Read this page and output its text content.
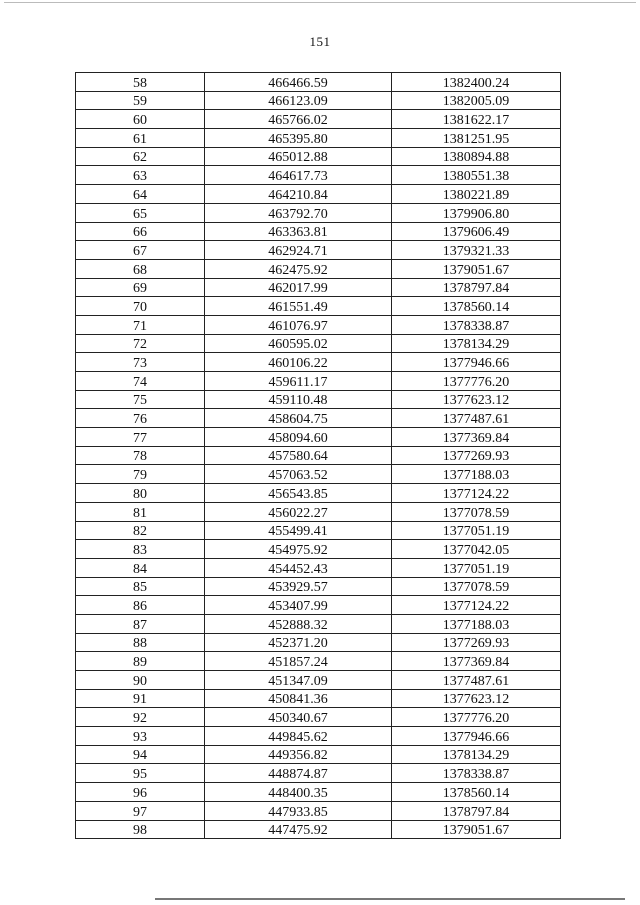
151
58	466466.59	1382400.24
59	466123.09	1382005.09
60	465766.02	1381622.17
61	465395.80	1381251.95
62	465012.88	1380894.88
63	464617.73	1380551.38
64	464210.84	1380221.89
65	463792.70	1379906.80
66	463363.81	1379606.49
67	462924.71	1379321.33
68	462475.92	1379051.67
69	462017.99	1378797.84
70	461551.49	1378560.14
71	461076.97	1378338.87
72	460595.02	1378134.29
73	460106.22	1377946.66
74	459611.17	1377776.20
75	459110.48	1377623.12
76	458604.75	1377487.61
77	458094.60	1377369.84
78	457580.64	1377269.93
79	457063.52	1377188.03
80	456543.85	1377124.22
81	456022.27	1377078.59
82	455499.41	1377051.19
83	454975.92	1377042.05
84	454452.43	1377051.19
85	453929.57	1377078.59
86	453407.99	1377124.22
87	452888.32	1377188.03
88	452371.20	1377269.93
89	451857.24	1377369.84
90	451347.09	1377487.61
91	450841.36	1377623.12
92	450340.67	1377776.20
93	449845.62	1377946.66
94	449356.82	1378134.29
95	448874.87	1378338.87
96	448400.35	1378560.14
97	447933.85	1378797.84
98	447475.92	1379051.67
